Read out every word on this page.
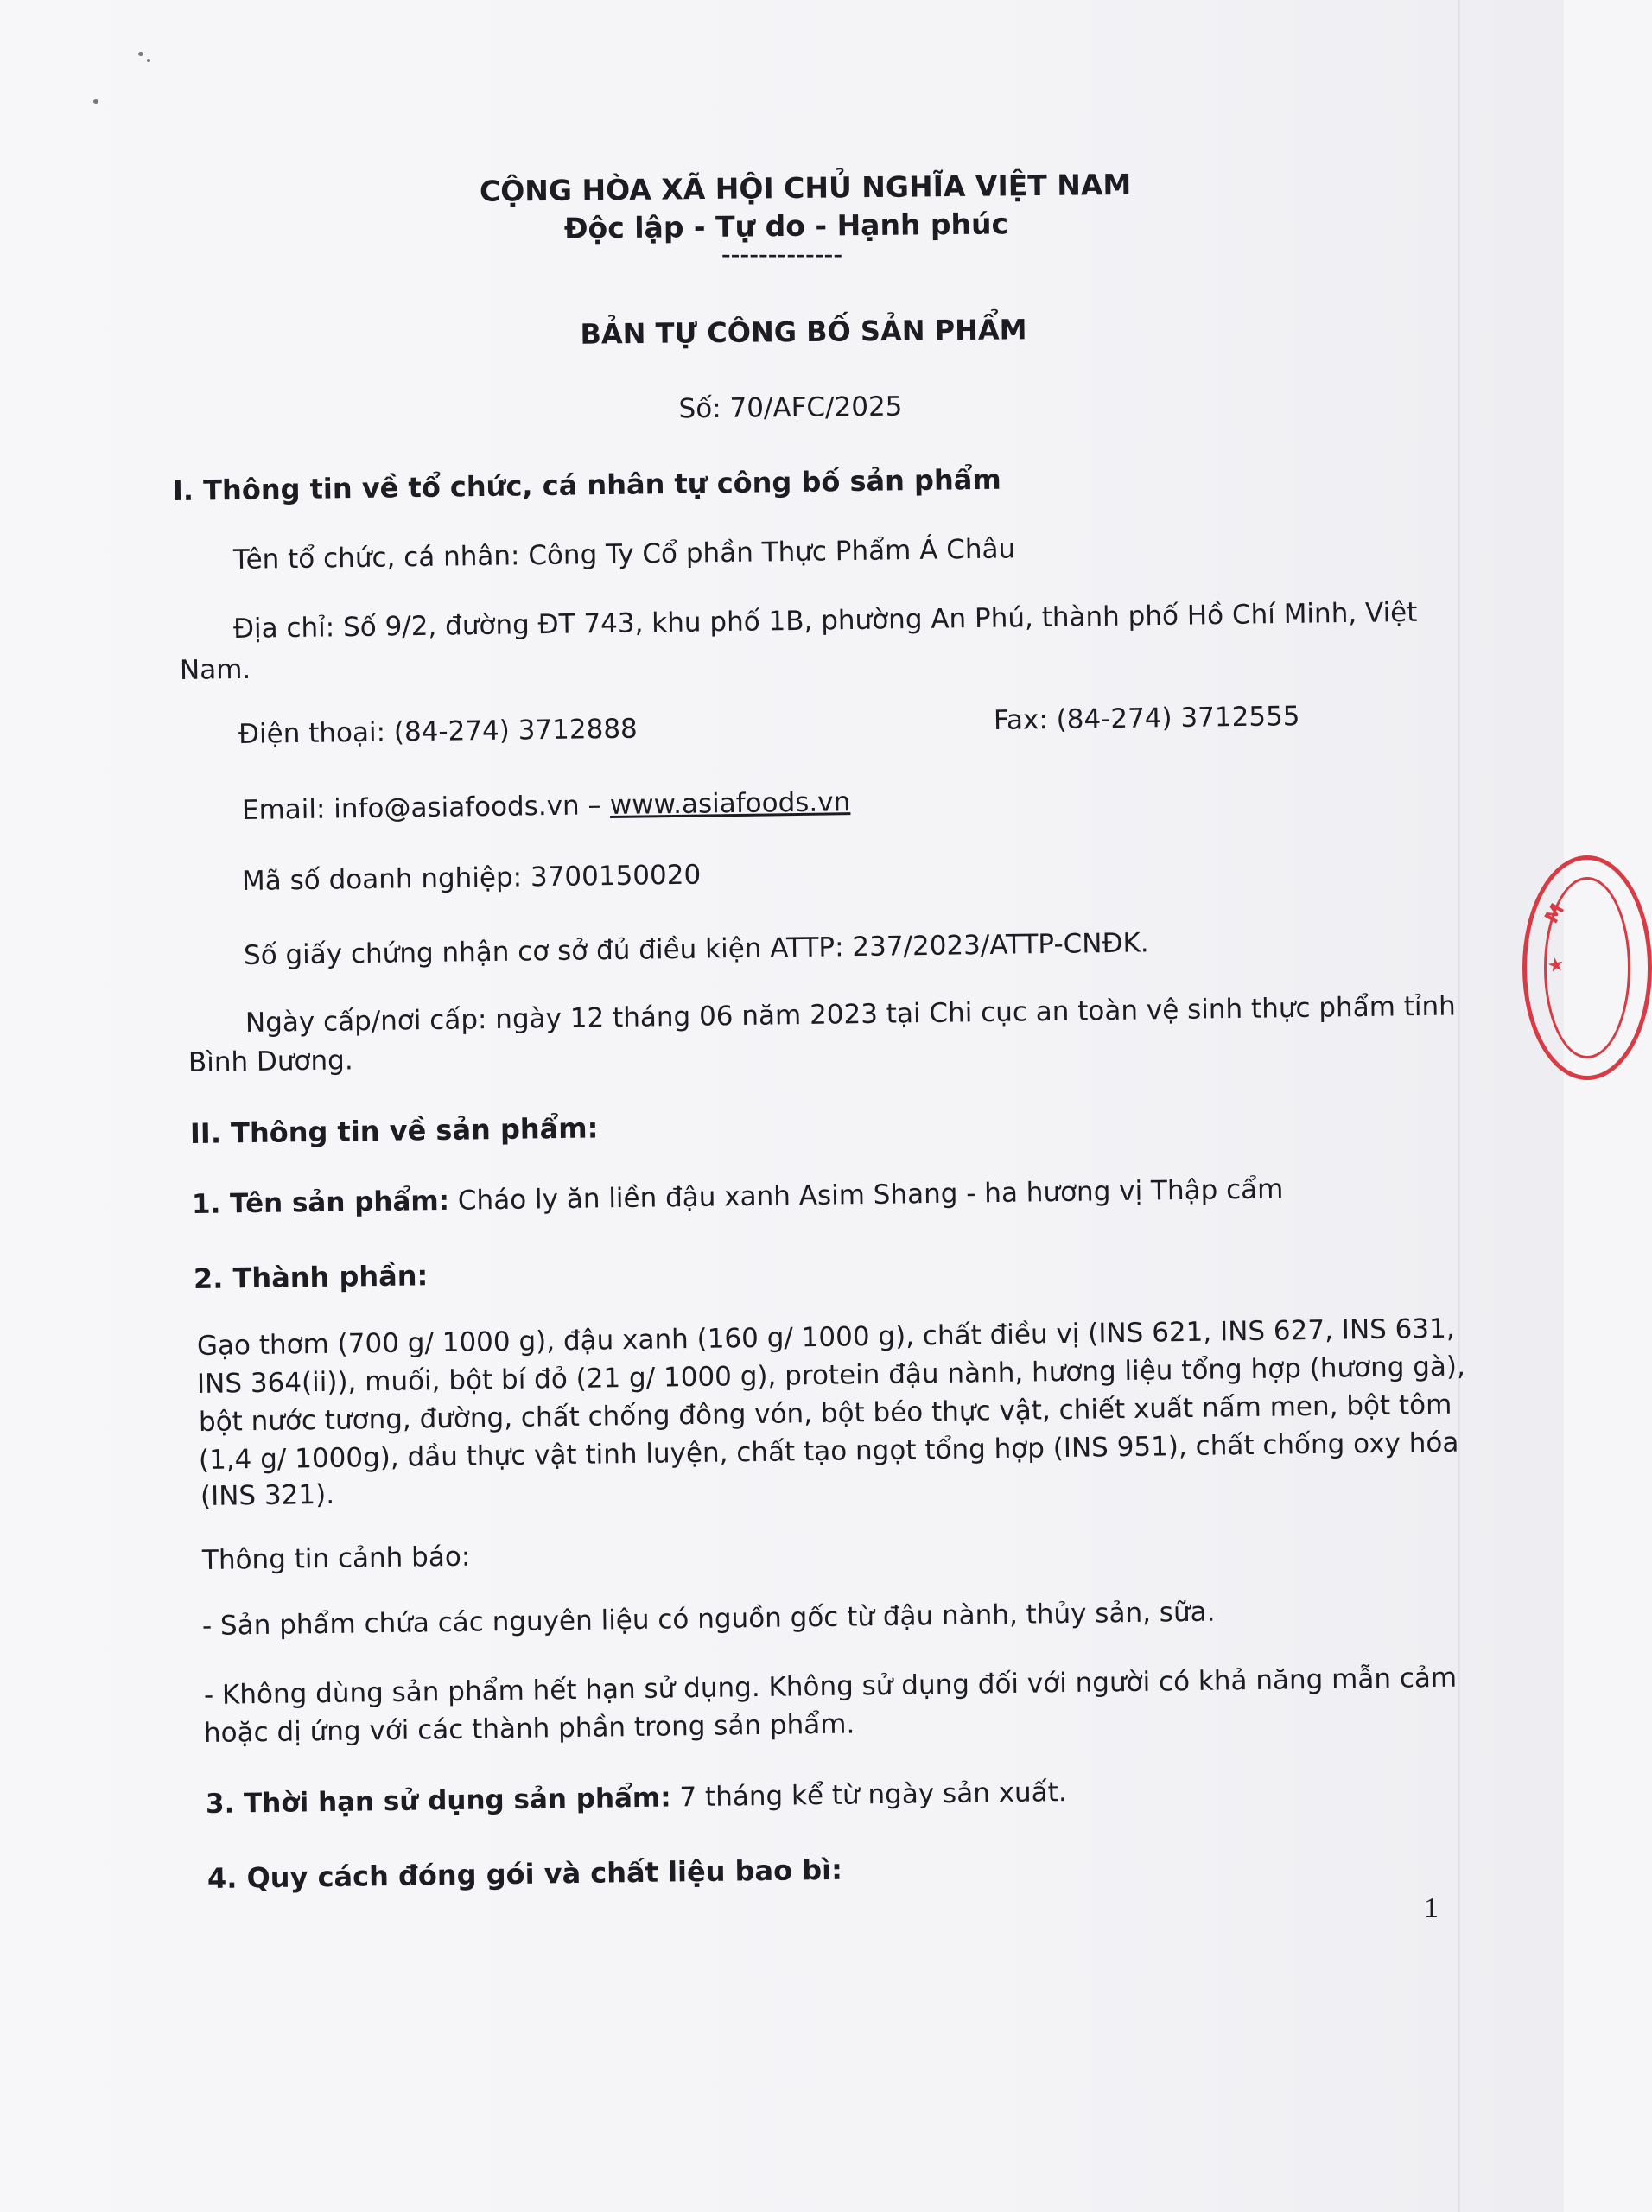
CỘNG HÒA XÃ HỘI CHỦ NGHĨA VIỆT NAM
Độc lập - Tự do - Hạnh phúc
-------------
BẢN TỰ CÔNG BỐ SẢN PHẨM
Số: 70/AFC/2025
I. Thông tin về tổ chức, cá nhân tự công bố sản phẩm
Tên tổ chức, cá nhân: Công Ty Cổ phần Thực Phẩm Á Châu
Địa chỉ: Số 9/2, đường ĐT 743, khu phố 1B, phường An Phú, thành phố Hồ Chí Minh, Việt
Nam.
Điện thoại: (84-274) 3712888	Fax: (84-274) 3712555
Email: info@asiafoods.vn – www.asiafoods.vn
Mã số doanh nghiệp: 3700150020
Số giấy chứng nhận cơ sở đủ điều kiện ATTP: 237/2023/ATTP-CNĐK.
Ngày cấp/nơi cấp: ngày 12 tháng 06 năm 2023 tại Chi cục an toàn vệ sinh thực phẩm tỉnh
Bình Dương.
II. Thông tin về sản phẩm:
1. Tên sản phẩm: Cháo ly ăn liền đậu xanh Asim Shang - ha hương vị Thập cẩm
2. Thành phần:
Gạo thơm (700 g/ 1000 g), đậu xanh (160 g/ 1000 g), chất điều vị (INS 621, INS 627, INS 631,
INS 364(ii)), muối, bột bí đỏ (21 g/ 1000 g), protein đậu nành, hương liệu tổng hợp (hương gà),
bột nước tương, đường, chất chống đông vón, bột béo thực vật, chiết xuất nấm men, bột tôm
(1,4 g/ 1000g), dầu thực vật tinh luyện, chất tạo ngọt tổng hợp (INS 951), chất chống oxy hóa
(INS 321).
Thông tin cảnh báo:
- Sản phẩm chứa các nguyên liệu có nguồn gốc từ đậu nành, thủy sản, sữa.
- Không dùng sản phẩm hết hạn sử dụng. Không sử dụng đối với người có khả năng mẫn cảm
hoặc dị ứng với các thành phần trong sản phẩm.
3. Thời hạn sử dụng sản phẩm: 7 tháng kể từ ngày sản xuất.
4. Quy cách đóng gói và chất liệu bao bì:
1
M
★
